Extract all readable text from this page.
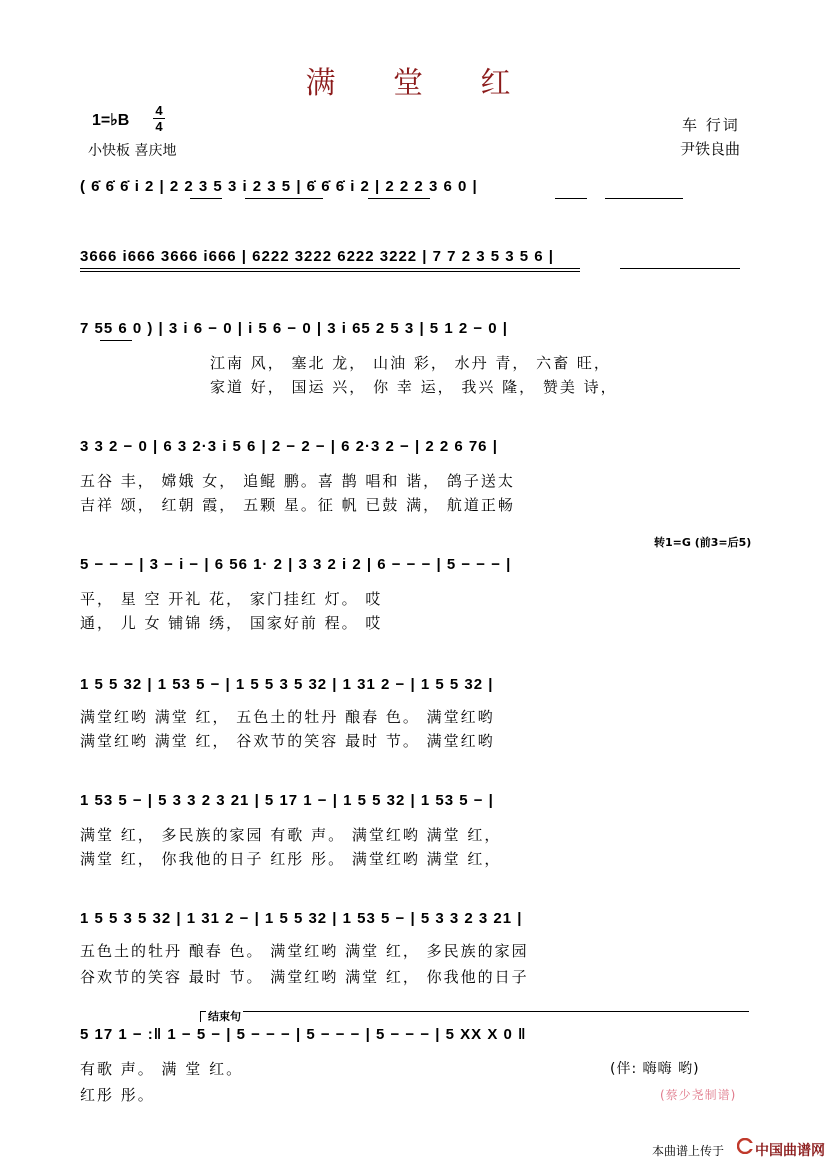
满 堂 红
1=♭B
4
4
小快板 喜庆地
车 行词
尹铁良曲
( 6̇ 6̇ 6̇ i 2 | 2 2 3 5 3 i 2 3 5 | 6̇ 6̇ 6̇ i 2 | 2 2 2 3 6 0 |
3666 i666 3666 i666 | 6222 3222 6222 3222 | 7 7 2 3 5 3 5 6 |
7 55 6 0 ) | 3 i 6 − 0 | i 5 6 − 0 | 3 i 65 2 5 3 | 5 1 2 − 0 |
江南 风， 塞北 龙， 山油 彩， 水丹 青， 六畜 旺，
家道 好， 国运 兴， 你 幸 运， 我兴 隆， 赞美 诗，
3 3 2 − 0 | 6 3 2·3 i 5 6 | 2 − 2 − | 6 2·3 2 − | 2 2 6 76 |
五谷 丰， 嫦娥 女， 追鲲 鹏。喜 鹊 唱和 谐， 鸽子送太
吉祥 颂， 红朝 霞， 五颗 星。征 帆 已鼓 满， 航道正畅
转1=G (前3=后5)
5 − − − | 3 − i − | 6 56 1· 2 | 3 3 2 i 2 | 6 − − − | 5 − − − |
平， 星 空 开礼 花， 家门挂红 灯。 哎
通， 儿 女 铺锦 绣， 国家好前 程。 哎
1 5 5 32 | 1 53 5 − | 1 5 5 3 5 32 | 1 31 2 − | 1 5 5 32 |
满堂红哟 满堂 红， 五色土的牡丹 酿春 色。 满堂红哟
满堂红哟 满堂 红， 谷欢节的笑容 最时 节。 满堂红哟
1 53 5 − | 5 3 3 2 3 21 | 5 17 1 − | 1 5 5 32 | 1 53 5 − |
满堂 红， 多民族的家园 有歌 声。 满堂红哟 满堂 红，
满堂 红， 你我他的日子 红彤 彤。 满堂红哟 满堂 红，
1 5 5 3 5 32 | 1 31 2 − | 1 5 5 32 | 1 53 5 − | 5 3 3 2 3 21 |
五色土的牡丹 酿春 色。 满堂红哟 满堂 红， 多民族的家园
谷欢节的笑容 最时 节。 满堂红哟 满堂 红， 你我他的日子
结束句
5 17 1 − :‖ 1 − 5 − | 5 − − − | 5 − − − | 5 − − − | 5 XX X 0 ‖
有歌 声。 满 堂 红。
红彤 彤。
(伴: 嗨嗨 哟)
(蔡少尧制谱)
本曲谱上传于 中国曲谱网
